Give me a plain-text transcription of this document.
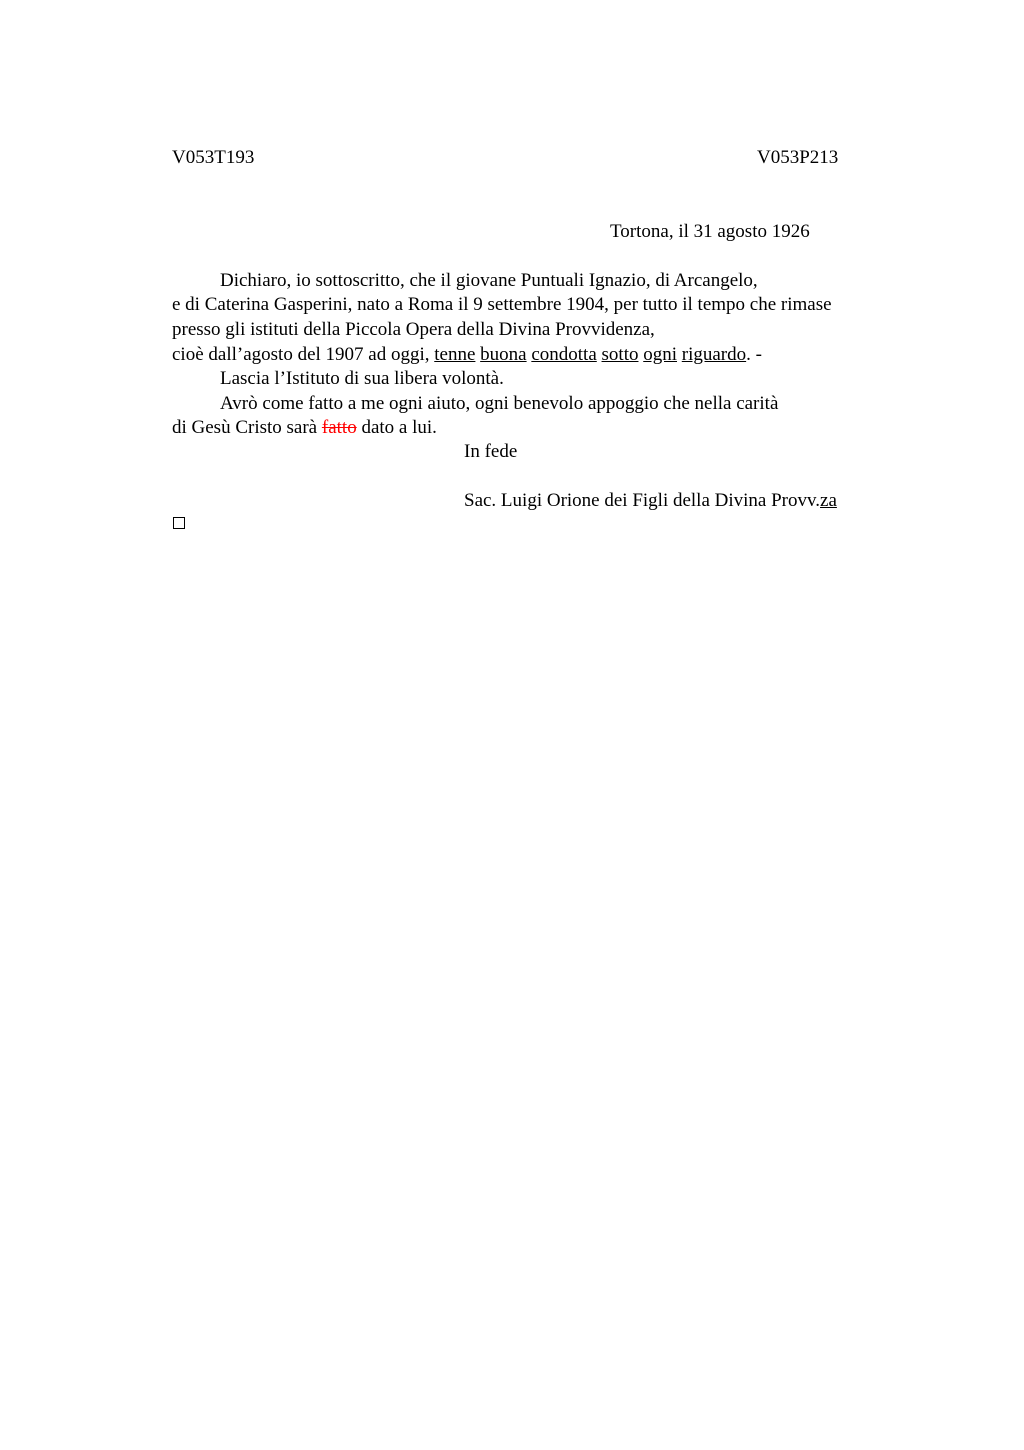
V053T193	V053P213
Tortona, il 31 agosto 1926
Dichiaro, io sottoscritto, che il giovane Puntuali Ignazio, di Arcangelo,
e di Caterina Gasperini, nato a Roma il 9 settembre 1904, per tutto il tempo che rimase
presso gli istituti della Piccola Opera della Divina Provvidenza,
cioè dall’agosto del 1907 ad oggi, tenne buona condotta sotto ogni riguardo. -
Lascia l’Istituto di sua libera volontà.
Avrò come fatto a me ogni aiuto, ogni benevolo appoggio che nella carità
di Gesù Cristo sarà fatto dato a lui.
In fede
Sac. Luigi Orione dei Figli della Divina Provv.za
